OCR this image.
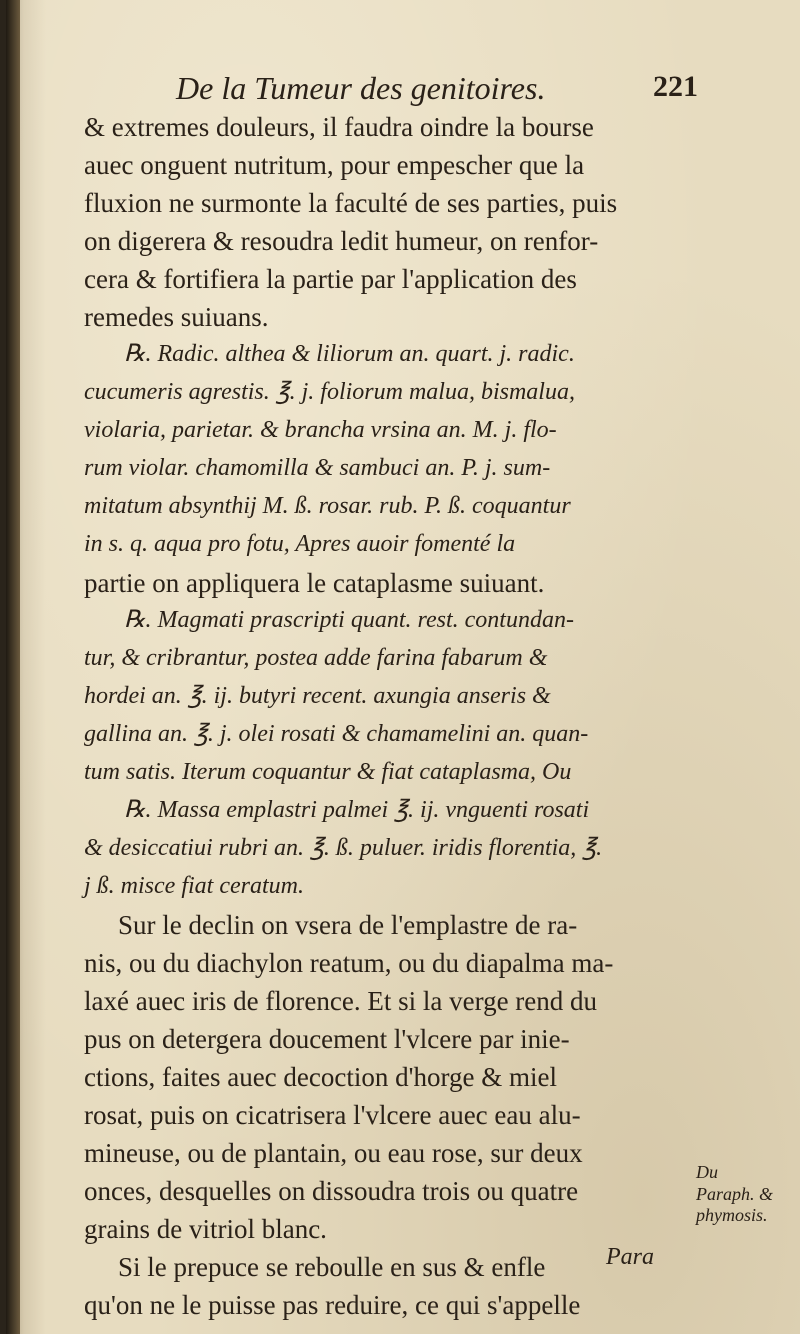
De la Tumeur des genitoires.	221
& extremes douleurs, il faudra oindre la bourse
auec onguent nutritum, pour empescher que la
fluxion ne surmonte la faculté de ses parties, puis
on digerera & resoudra ledit humeur, on renfor-
cera & fortifiera la partie par l'application des
remedes suiuans.
℞. Radic. althea & liliorum an. quart. j. radic.
cucumeris agrestis. ℥. j. foliorum malua, bismalua,
violaria, parietar. & brancha vrsina an. M. j. flo-
rum violar. chamomilla & sambuci an. P. j. sum-
mitatum absynthij M. ß. rosar. rub. P. ß. coquantur
in s. q. aqua pro fotu, Apres auoir fomenté la
partie on appliquera le cataplasme suiuant.
℞. Magmati prascripti quant. rest. contundan-
tur, & cribrantur, postea adde farina fabarum &
hordei an. ℥. ij. butyri recent. axungia anseris &
gallina an. ℥. j. olei rosati & chamamelini an. quan-
tum satis. Iterum coquantur & fiat cataplasma, Ou
℞. Massa emplastri palmei ℥. ij. vnguenti rosati
& desiccatiui rubri an. ℥. ß. puluer. iridis florentia, ℥.
j ß. misce fiat ceratum.
Sur le declin on vsera de l'emplastre de ra-
nis, ou du diachylon reatum, ou du diapalma ma-
laxé auec iris de florence. Et si la verge rend du
pus on detergera doucement l'vlcere par inie-
ctions, faites auec decoction d'horge & miel
rosat, puis on cicatrisera l'vlcere auec eau alu-
mineuse, ou de plantain, ou eau rose, sur deux
onces, desquelles on dissoudra trois ou quatre
grains de vitriol blanc.
Si le prepuce se reboulle en sus & enfle
qu'on ne le puisse pas reduire, ce qui s'appelle
Du Paraph. & phymosis.
Para
